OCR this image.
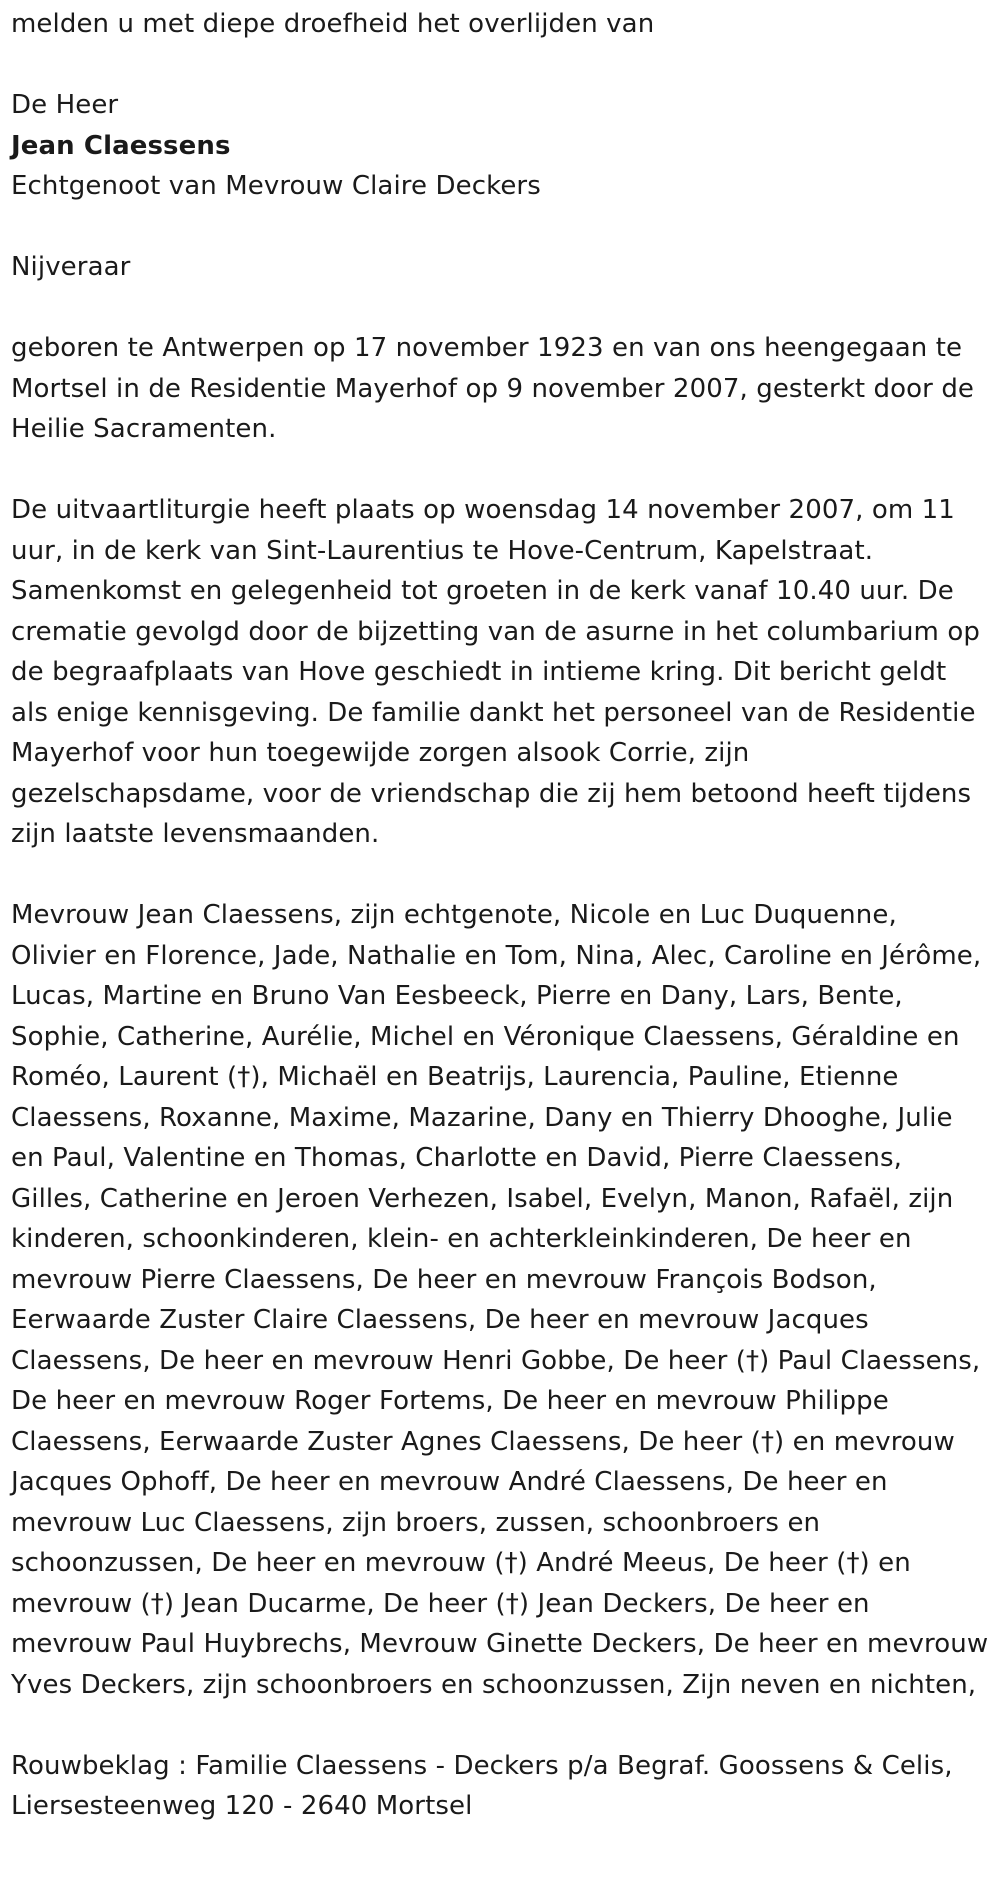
melden u met diepe droefheid het overlijden van

De Heer

Jean Claessens

Echtgenoot van Mevrouw Claire Deckers

Nijveraar

geboren te Antwerpen op 17 november 1923 en van ons heengegaan te Mortsel in de Residentie Mayerhof op 9 november 2007, gesterkt door de Heilie Sacramenten.

De uitvaartliturgie heeft plaats op woensdag 14 november 2007, om 11 uur, in de kerk van Sint-Laurentius te Hove-Centrum, Kapelstraat. Samenkomst en gelegenheid tot groeten in de kerk vanaf 10.40 uur. De crematie gevolgd door de bijzetting van de asurne in het columbarium op de begraafplaats van Hove geschiedt in intieme kring. Dit bericht geldt als enige kennisgeving. De familie dankt het personeel van de Residentie Mayerhof voor hun toegewijde zorgen alsook Corrie, zijn gezelschapsdame, voor de vriendschap die zij hem betoond heeft tijdens zijn laatste levensmaanden.

Mevrouw Jean Claessens, zijn echtgenote, Nicole en Luc Duquenne, Olivier en Florence, Jade, Nathalie en Tom, Nina, Alec, Caroline en Jérôme, Lucas, Martine en Bruno Van Eesbeeck, Pierre en Dany, Lars, Bente, Sophie, Catherine, Aurélie, Michel en Véronique Claessens, Géraldine en Roméo, Laurent (†), Michaël en Beatrijs, Laurencia, Pauline, Etienne Claessens, Roxanne, Maxime, Mazarine, Dany en Thierry Dhooghe, Julie en Paul, Valentine en Thomas, Charlotte en David, Pierre Claessens, Gilles, Catherine en Jeroen Verhezen, Isabel, Evelyn, Manon, Rafaël, zijn kinderen, schoonkinderen, klein- en achterkleinkinderen, De heer en mevrouw Pierre Claessens, De heer en mevrouw François Bodson, Eerwaarde Zuster Claire Claessens, De heer en mevrouw Jacques Claessens, De heer en mevrouw Henri Gobbe, De heer (†) Paul Claessens, De heer en mevrouw Roger Fortems, De heer en mevrouw Philippe Claessens, Eerwaarde Zuster Agnes Claessens, De heer (†) en mevrouw Jacques Ophoff, De heer en mevrouw André Claessens, De heer en mevrouw Luc Claessens, zijn broers, zussen, schoonbroers en schoonzussen, De heer en mevrouw (†) André Meeus, De heer (†) en mevrouw (†) Jean Ducarme, De heer (†) Jean Deckers, De heer en mevrouw Paul Huybrechs, Mevrouw Ginette Deckers, De heer en mevrouw Yves Deckers, zijn schoonbroers en schoonzussen, Zijn neven en nichten,

Rouwbeklag : Familie Claessens - Deckers p/a Begraf. Goossens & Celis, Liersesteenweg 120 - 2640 Mortsel
